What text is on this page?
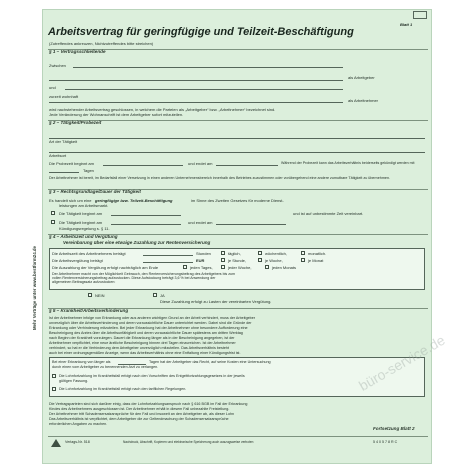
Blatt 1
Arbeitsvertrag für geringfügige und Teilzeit-Beschäftigung
(Zutreffendes ankreuzen, Nichtzutreffendes bitte streichen)
§ 1 – Vertragsschließende
Zwischen
als Arbeitgeber
und
zurzeit wohnhaft
als Arbeitnehmer
wird nachstehender Arbeitsvertrag geschlossen, in welchem die Parteien als „Arbeitgeber“ bzw. „Arbeitnehmer“ bezeichnet sind.
Jede Veränderung der Wohnanschrift ist dem Arbeitgeber sofort mitzuteilen.
§ 2 – Tätigkeit/Probezeit
Art der Tätigkeit
Arbeitsort
Die Probezeit beginnt am	und endet am	Während der Probezeit kann das Arbeitsverhältnis beiderseits gekündigt werden mit
Tagen
Der Arbeitnehmer ist bereit, im Bedarfsfall einer Versetzung in einen anderen Unternehmensbereich innerhalb des Betriebes zuzustimmen oder vorübergehend eine andere zumutbare Tätigkeit zu übernehmen.
§ 3 – Rechtsgrundlage/Dauer der Tätigkeit
Es handelt sich um eine geringfügige bzw. Teilzeit-Beschäftigung	im Sinne des Zweiten Gesetzes für moderne Dienst-
leistungen am Arbeitsmarkt.
Die Tätigkeit beginnt am	und ist auf unbestimmte Zeit vereinbart.
Die Tätigkeit beginnt am	und endet am
Kündigungsregelung s. § 11.
§ 4 – Arbeitszeit und Vergütung
Vereinbarung über eine etwaige Zuzahlung zur Rentenversicherung
Die Arbeitszeit des Arbeitnehmers beträgt	Stunden	täglich,	wöchentlich,	monatlich.
Die Arbeitsvergütung beträgt	EUR	je Stunde,	je Woche,	je Monat
Die Auszahlung der Vergütung erfolgt nachträglich am Ende	jeden Tages,	jeder Woche,	jeden Monats
Der Arbeitnehmer macht von der Möglichkeit Gebrauch, den Rentenversicherungsbeitrag des Arbeitgebers bis zum
vollen Rentenversicherungsbeitrag aufzustocken. Diese Aufstockung beträgt 3,6 % bei Anwendung der
allgemeinen Beitragssatz aufzustocken:
NEIN	JA
Diese Zuzahlung erfolgt zu Lasten der vereinbarten Vergütung.
§ 5 – Krankheit/Arbeitsverhinderung
Ist der Arbeitnehmer infolge von Erkrankung oder aus anderen wichtigen Grund an der Arbeit verhindert, muss der Arbeitgeber
unverzüglich über die Arbeitsverhinderung und deren voraussichtliche Dauer unterrichtet werden. Dabei sind die Gründe der
Erkrankung oder Verhinderung mitzuteilen. Bei jeder Erkrankung hat der Arbeitnehmer ohne besondere Aufforderung eine
Bescheinigung des Arztes über die Arbeitsunfähigkeit und deren voraussichtliche Dauer spätestens am dritten Werktag
nach Beginn der Krankheit vorzulegen. Dauert die Erkrankung länger als in der Bescheinigung angegeben, ist der
Arbeitnehmer verpflichtet, eine neue ärztliche Bescheinigung binnen drei Tagen einzureichen. Ist der Arbeitnehmer
verhindert, so hat er die Verhinderung dem Arbeitgeber unverzüglich mitzuteilen. Das Arbeitsverhältnis besteht
auch bei einer ordnungsgemäßen Anzeige, wenn das Arbeitsverhältnis ohne eine Entfaltung einer Kündigungsfrist ist.
Bei einer Erkrankung von länger als	Tagen hat der Arbeitgeber das Recht, auf seine Kosten eine Untersuchung
durch einen vom Arbeitgeber zu benennenden Arzt zu verlangen.
Die Lohnfortzahlung im Krankheitsfall erfolgt nach den Vorschriften des Entgeltfortzahlungsgesetzes in der jeweils
gültigen Fassung.
Die Lohnfortzahlung im Krankheitsfall erfolgt nach den tariflichen Regelungen.
Die Vertragsparteien sind sich darüber einig, dass der Lohnfortzahlungsanspruch nach § 616 BGB im Fall der Erkrankung
Kindes des Arbeitnehmers ausgeschlossen ist. Der Arbeitnehmer erhält in diesem Fall unbezahlte Freistellung.
Der Arbeitnehmer tritt Schadensersatzansprüche für den Fall und insoweit an den Arbeitgeber ab, als dieser Lohn
Das Arbeitsverhältnis ist verpflichtet, dem Arbeitgeber die zur Geltendmachung der Schadensersatzansprüche
erforderlichen Angaben zu machen.
Fortsetzung Blatt 2
Verlags-Nr. 518	Nachdruck, Abschrift, Kopieren und elektronische Speicherung auch auszugsweise verboten	5 4 0 5 7 8 R C
Mehr Verträge unter www.bestform24.de
büro-service.de
